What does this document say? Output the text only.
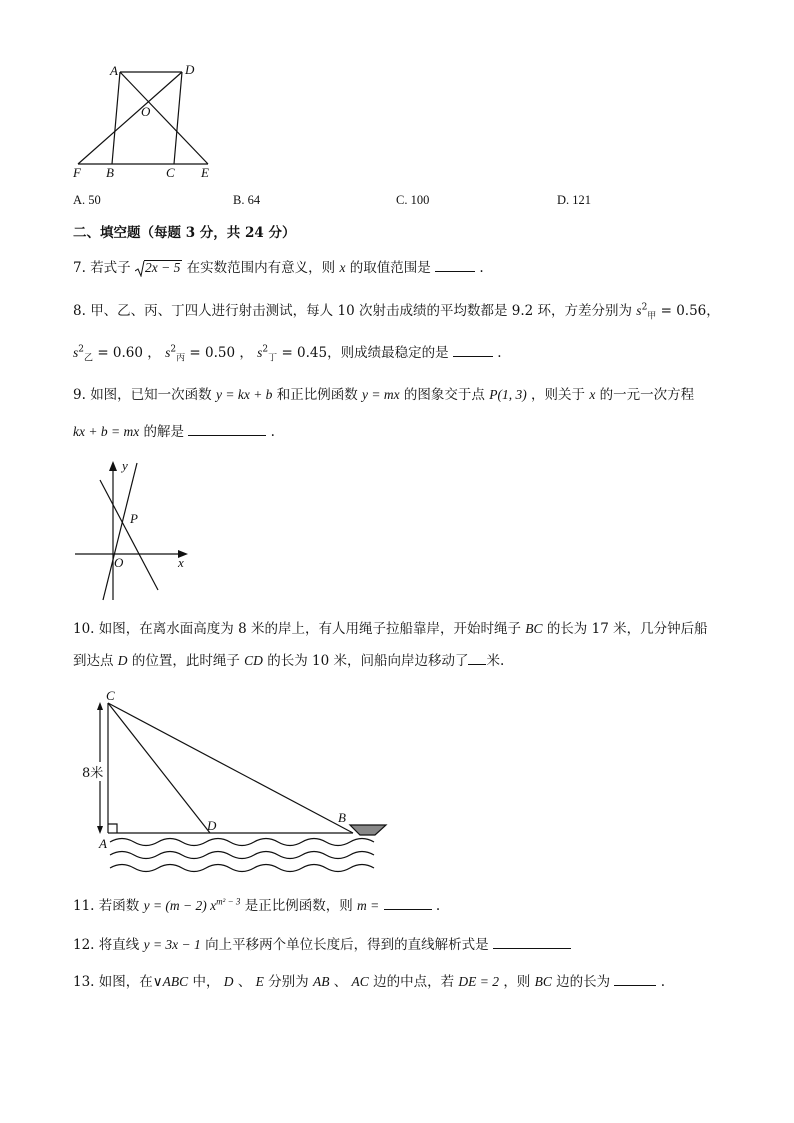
A	D
O
F B	C E
A. 50	B. 64	C. 100	D. 121
二、填空题（每题 3 分，共 24 分）
7. 若式子 2x − 5 在实数范围内有意义，则 x 的取值范围是	.
8. 甲、乙、丙、丁四人进行射击测试，每人 10 次射击成绩的平均数都是 9.2 环，方差分别为 $s^2_甲 = 0.56$，
$s^2_乙 = 0.60$ ， $s^2_丙 = 0.50$ ， $s^2_丁 = 0.45$，则成绩最稳定的是	.
9. 如图，已知一次函数 y = kx + b 和正比例函数 y = mx 的图象交于点 P(1, 3) ，则关于 x 的一元一次方程
kx + b = mx 的解是	.
y
P
O	x
10. 如图，在离水面高度为 8 米的岸上，有人用绳子拉船靠岸，开始时绳子 BC 的长为 17 米，几分钟后船
到达点 D 的位置，此时绳子 CD 的长为 10 米，问船向岸边移动了 米.
C
8米
D
B
A
11. 若函数 y = (m − 2) $x^{m^2 - 3}$ 是正比例函数，则 m =	.
12. 将直线 y = 3x − 1 向上平移两个单位长度后，得到的直线解析式是
13. 如图，在∨ABC 中， D 、 E 分别为 AB 、 AC 边的中点，若 DE = 2 ，则 BC 边的长为	.
